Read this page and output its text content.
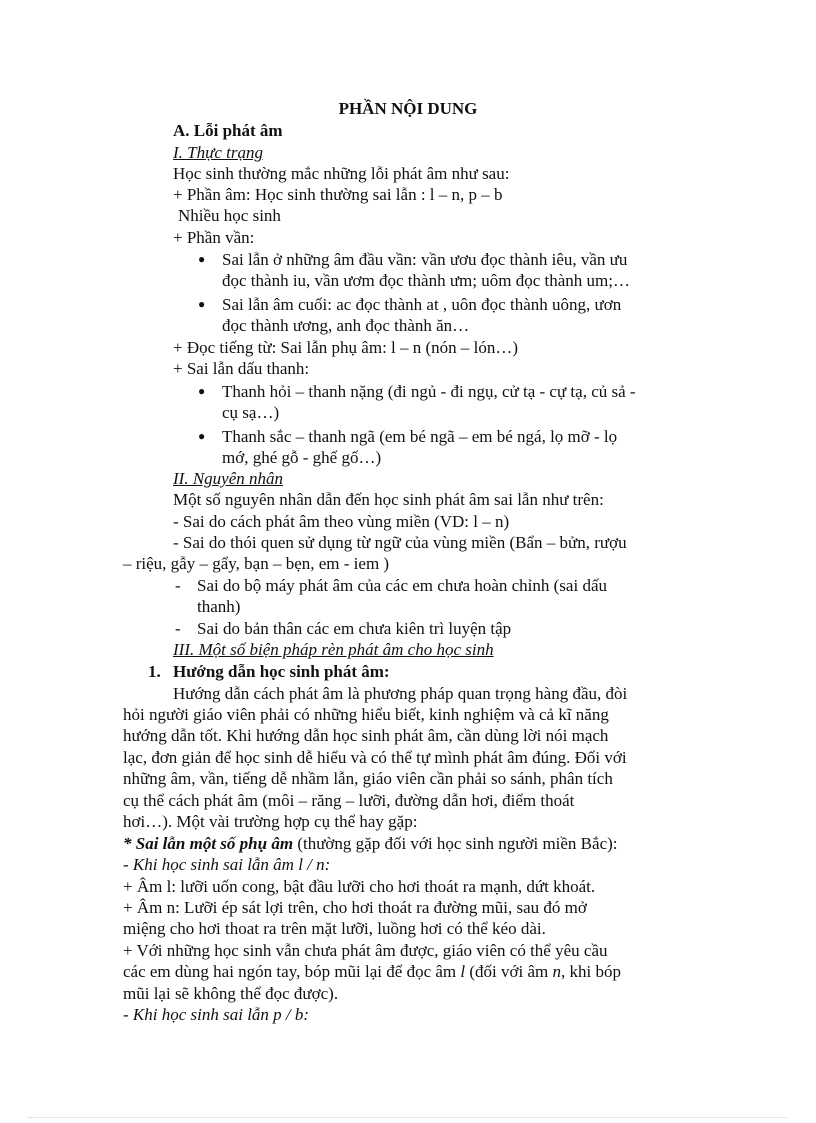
PHẦN NỘI DUNG
A. Lỗi phát âm
I. Thực trạng
Học sinh thường mắc những lỗi phát âm như sau:
+ Phần âm: Học sinh thường sai lẫn : l – n, p – b
Nhiều học sinh
+ Phần vần:
● Sai lẫn ở những âm đầu vần: vần ươu đọc thành iêu, vần ưu
đọc thành iu, vần ươm đọc thành ưm; uôm đọc thành um;…
● Sai lẫn âm cuối: ac đọc thành at , uôn đọc thành uông, ươn
đọc thành ương, anh đọc thành ăn…
+ Đọc tiếng từ: Sai lẫn phụ âm: l – n (nón – lón…)
+ Sai lẫn dấu thanh:
● Thanh hỏi – thanh nặng (đi ngủ - đi ngụ, cử tạ - cự tạ, củ sả -
cụ sạ…)
● Thanh sắc – thanh ngã (em bé ngã – em bé ngá, lọ mỡ - lọ
mớ, ghé gỗ - ghế gố…)
II. Nguyên nhân
Một số nguyên nhân dẫn đến học sinh phát âm sai lẫn như trên:
- Sai do cách phát âm theo vùng miền (VD: l – n)
- Sai do thói quen sử dụng từ ngữ của vùng miền (Bẩn – bửn, rượu
– riệu, gẫy – gẩy, bạn – bẹn, em - iem )
- Sai do bộ máy phát âm của các em chưa hoàn chỉnh (sai dấu
thanh)
- Sai do bản thân các em chưa kiên trì luyện tập
III. Một số biện pháp rèn phát âm cho học sinh
1. Hướng dẫn học sinh phát âm:
Hướng dẫn cách phát âm là phương pháp quan trọng hàng đầu, đòi
hỏi người giáo viên phải có những hiểu biết, kinh nghiệm và cả kĩ năng
hướng dẫn tốt. Khi hướng dẫn học sinh phát âm, cần dùng lời nói mạch
lạc, đơn giản để học sinh dễ hiểu và có thể tự mình phát âm đúng. Đối với
những âm, vần, tiếng dễ nhầm lẫn, giáo viên cần phải so sánh, phân tích
cụ thể cách phát âm (môi – răng – lưỡi, đường dẫn hơi, điểm thoát
hơi…). Một vài trường hợp cụ thể hay gặp:
* Sai lẫn một số phụ âm (thường gặp đối với học sinh người miền Bắc):
- Khi học sinh sai lẫn âm l / n:
+ Âm l: lưỡi uốn cong, bật đầu lưỡi cho hơi thoát ra mạnh, dứt khoát.
+ Âm n: Lưỡi ép sát lợi trên, cho hơi thoát ra đường mũi, sau đó mở
miệng cho hơi thoat ra trên mặt lưỡi, luồng hơi có thể kéo dài.
+ Với những học sinh vẫn chưa phát âm được, giáo viên có thể yêu cầu
các em dùng hai ngón tay, bóp mũi lại để đọc âm l (đối với âm n, khi bóp
mũi lại sẽ không thể đọc được).
- Khi học sinh sai lẫn p / b:
